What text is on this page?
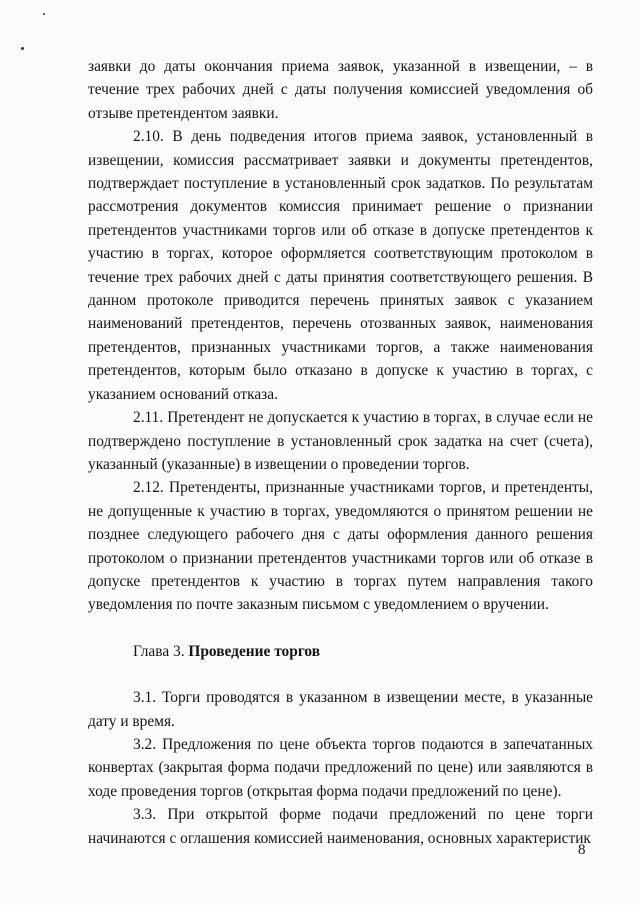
заявки до даты окончания приема заявок, указанной в извещении, – в течение трех рабочих дней с даты получения комиссией уведомления об отзыве претендентом заявки.

2.10. В день подведения итогов приема заявок, установленный в извещении, комиссия рассматривает заявки и документы претендентов, подтверждает поступление в установленный срок задатков. По результатам рассмотрения документов комиссия принимает решение о признании претендентов участниками торгов или об отказе в допуске претендентов к участию в торгах, которое оформляется соответствующим протоколом в течение трех рабочих дней с даты принятия соответствующего решения. В данном протоколе приводится перечень принятых заявок с указанием наименований претендентов, перечень отозванных заявок, наименования претендентов, признанных участниками торгов, а также наименования претендентов, которым было отказано в допуске к участию в торгах, с указанием оснований отказа.

2.11. Претендент не допускается к участию в торгах, в случае если не подтверждено поступление в установленный срок задатка на счет (счета), указанный (указанные) в извещении о проведении торгов.

2.12. Претенденты, признанные участниками торгов, и претенденты, не допущенные к участию в торгах, уведомляются о принятом решении не позднее следующего рабочего дня с даты оформления данного решения протоколом о признании претендентов участниками торгов или об отказе в допуске претендентов к участию в торгах путем направления такого уведомления по почте заказным письмом с уведомлением о вручении.

Глава 3. Проведение торгов

3.1. Торги проводятся в указанном в извещении месте, в указанные дату и время.

3.2. Предложения по цене объекта торгов подаются в запечатанных конвертах (закрытая форма подачи предложений по цене) или заявляются в ходе проведения торгов (открытая форма подачи предложений по цене).

3.3. При открытой форме подачи предложений по цене торги начинаются с оглашения комиссией наименования, основных характеристик

8
